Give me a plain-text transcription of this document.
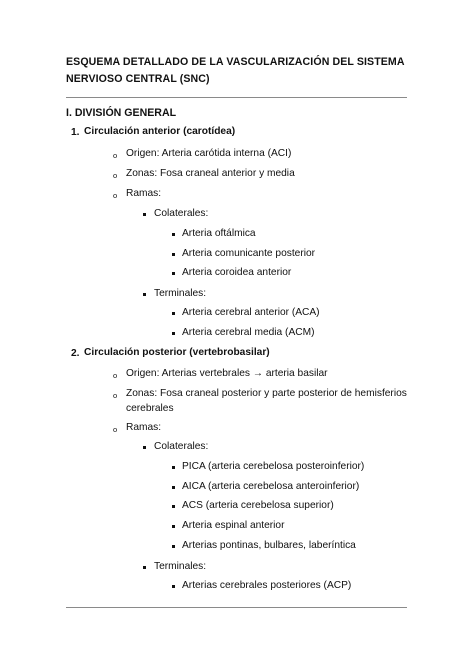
ESQUEMA DETALLADO DE LA VASCULARIZACIÓN DEL SISTEMA NERVIOSO CENTRAL (SNC)
I. DIVISIÓN GENERAL
1. Circulación anterior (carotídea)
o Origen: Arteria carótida interna (ACI)
o Zonas: Fosa craneal anterior y media
o Ramas:
Colaterales:
Arteria oftálmica
Arteria comunicante posterior
Arteria coroidea anterior
Terminales:
Arteria cerebral anterior (ACA)
Arteria cerebral media (ACM)
2. Circulación posterior (vertebrobasilar)
o Origen: Arterias vertebrales → arteria basilar
o Zonas: Fosa craneal posterior y parte posterior de hemisferios cerebrales
o Ramas:
Colaterales:
PICA (arteria cerebelosa posteroinferior)
AICA (arteria cerebelosa anteroinferior)
ACS (arteria cerebelosa superior)
Arteria espinal anterior
Arterias pontinas, bulbares, laberíntica
Terminales:
Arterias cerebrales posteriores (ACP)
